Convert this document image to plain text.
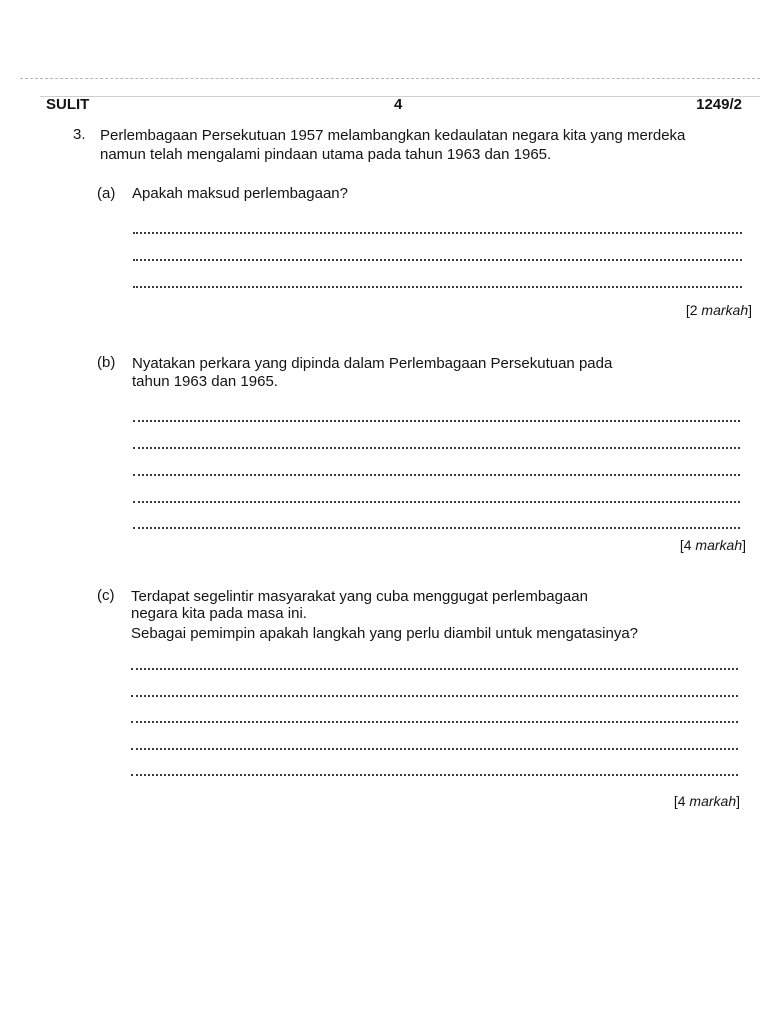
SULIT	4	1249/2
3. Perlembagaan Persekutuan 1957 melambangkan kedaulatan negara kita yang merdeka namun telah mengalami pindaan utama pada tahun 1963 dan 1965.
(a) Apakah maksud perlembagaan?
[2 markah]
(b) Nyatakan perkara yang dipinda dalam Perlembagaan Persekutuan pada
tahun 1963 dan 1965.
[4 markah]
(c) Terdapat segelintir masyarakat yang cuba menggugat perlembagaan
negara kita pada masa ini.
Sebagai pemimpin apakah langkah yang perlu diambil untuk mengatasinya?
[4 markah]
